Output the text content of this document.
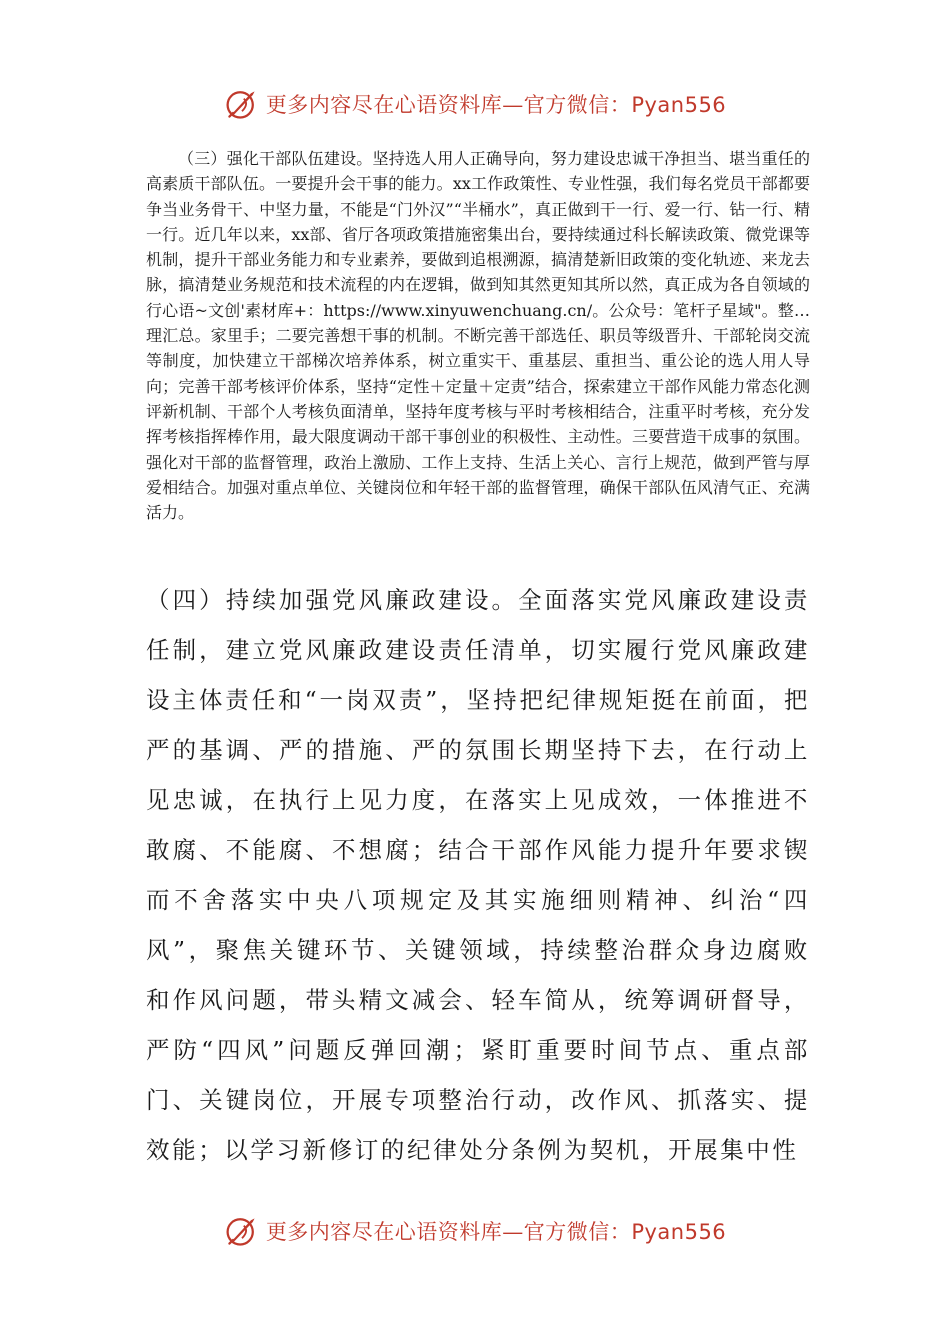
更多内容尽在心语资料库—官方微信：Pyan556
（三）强化干部队伍建设。坚持选人用人正确导向，努力建设忠诚干净担当、堪当重任的高素质干部队伍。一要提升会干事的能力。xx工作政策性、专业性强，我们每名党员干部都要争当业务骨干、中坚力量，不能是“门外汉”“半桶水”，真正做到干一行、爱一行、钻一行、精一行。近几年以来，xx部、省厅各项政策措施密集出台，要持续通过科长解读政策、微党课等机制，提升干部业务能力和专业素养，要做到追根溯源，搞清楚新旧政策的变化轨迹、来龙去脉，搞清楚业务规范和技术流程的内在逻辑，做到知其然更知其所以然，真正成为各自领域的行心语~文创'素材库+：https://www.xinyuwenchuang.cn/。公众号：笔杆子星域"。整…理汇总。家里手；二要完善想干事的机制。不断完善干部选任、职员等级晋升、干部轮岗交流等制度，加快建立干部梯次培养体系，树立重实干、重基层、重担当、重公论的选人用人导向；完善干部考核评价体系，坚持“定性＋定量＋定责”结合，探索建立干部作风能力常态化测评新机制、干部个人考核负面清单，坚持年度考核与平时考核相结合，注重平时考核，充分发挥考核指挥棒作用，最大限度调动干部干事创业的积极性、主动性。三要营造干成事的氛围。强化对干部的监督管理，政治上激励、工作上支持、生活上关心、言行上规范，做到严管与厚爱相结合。加强对重点单位、关键岗位和年轻干部的监督管理，确保干部队伍风清气正、充满活力。
（四）持续加强党风廉政建设。全面落实党风廉政建设责任制，建立党风廉政建设责任清单，切实履行党风廉政建设主体责任和“一岗双责”，坚持把纪律规矩挺在前面，把严的基调、严的措施、严的氛围长期坚持下去，在行动上见忠诚，在执行上见力度，在落实上见成效，一体推进不敢腐、不能腐、不想腐；结合干部作风能力提升年要求锲而不舍落实中央八项规定及其实施细则精神、纠治“四风”，聚焦关键环节、关键领域，持续整治群众身边腐败和作风问题，带头精文减会、轻车简从，统筹调研督导，严防“四风”问题反弹回潮；紧盯重要时间节点、重点部门、关键岗位，开展专项整治行动，改作风、抓落实、提效能；以学习新修订的纪律处分条例为契机，开展集中性
更多内容尽在心语资料库—官方微信：Pyan556
